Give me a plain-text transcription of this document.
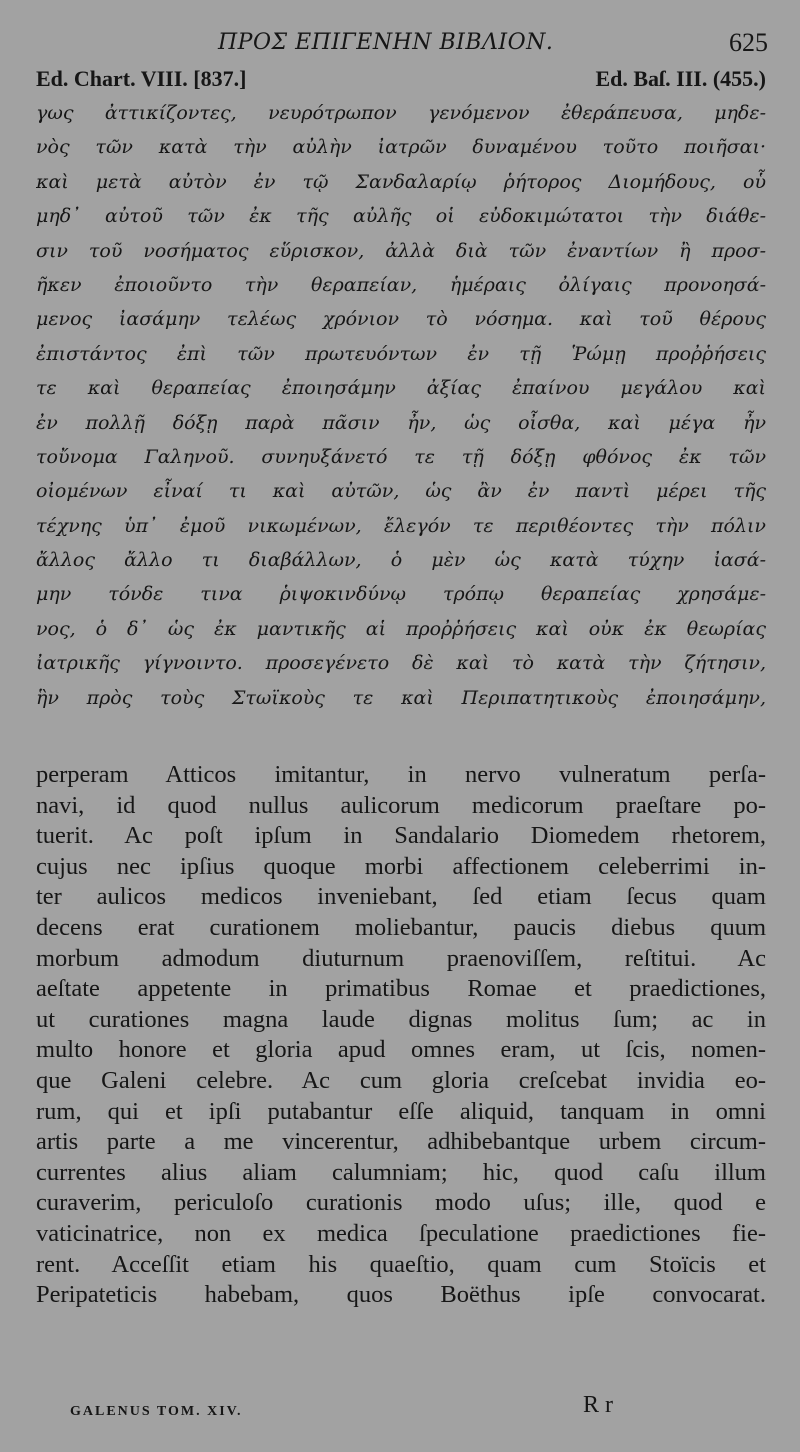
ΠΡΟΣ ΕΠΙΓΕΝΗΝ ΒΙΒΛΙΟΝ.	625
Ed. Chart. VIII. [837.]	Ed. Baſ. III. (455.)
γως ἀττικίζοντες, νευρότρωπον γενόμενον ἐθεράπευσα, μηδε-
νὸς τῶν κατὰ τὴν αὐλὴν ἰατρῶν δυναμένου τοῦτο ποιῆσαι·
καὶ μετὰ αὐτὸν ἐν τῷ Σανδαλαρίῳ ῥήτορος Διομήδους, οὗ
μηδ᾽ αὐτοῦ τῶν ἐκ τῆς αὐλῆς οἱ εὐδοκιμώτατοι τὴν διάθε-
σιν τοῦ νοσήματος εὕρισκον, ἀλλὰ διὰ τῶν ἐναντίων ἢ προσ-
ῆκεν ἐποιοῦντο τὴν θεραπείαν, ἡμέραις ὀλίγαις προνοησά-
μενος ἰασάμην τελέως χρόνιον τὸ νόσημα. καὶ τοῦ θέρους
ἐπιστάντος ἐπὶ τῶν πρωτευόντων ἐν τῇ Ῥώμῃ προῤῥήσεις
τε καὶ θεραπείας ἐποιησάμην ἀξίας ἐπαίνου μεγάλου καὶ
ἐν πολλῇ δόξῃ παρὰ πᾶσιν ἦν, ὡς οἶσθα, καὶ μέγα ἦν
τοὔνομα Γαληνοῦ. συνηυξάνετό τε τῇ δόξῃ φθόνος ἐκ τῶν
οἰομένων εἶναί τι καὶ αὐτῶν, ὡς ἂν ἐν παντὶ μέρει τῆς
τέχνης ὑπ᾽ ἐμοῦ νικωμένων, ἔλεγόν τε περιθέοντες τὴν πόλιν
ἄλλος ἄλλο τι διαβάλλων, ὁ μὲν ὡς κατὰ τύχην ἰασά-
μην τόνδε τινα ῥιψοκινδύνῳ τρόπῳ θεραπείας χρησάμε-
νος, ὁ δ᾽ ὡς ἐκ μαντικῆς αἱ προῤῥήσεις καὶ οὐκ ἐκ θεωρίας
ἰατρικῆς γίγνοιντο. προσεγένετο δὲ καὶ τὸ κατὰ τὴν ζήτησιν,
ἣν πρὸς τοὺς Στωϊκοὺς τε καὶ Περιπατητικοὺς ἐποιησάμην,
perperam Atticos imitantur, in nervo vulneratum perſa-
navi, id quod nullus aulicorum medicorum praeſtare po-
tuerit. Ac poſt ipſum in Sandalario Diomedem rhetorem,
cujus nec ipſius quoque morbi affectionem celeberrimi in-
ter aulicos medicos inveniebant, ſed etiam ſecus quam
decens erat curationem moliebantur, paucis diebus quum
morbum admodum diuturnum praenoviſſem, reſtitui. Ac
aeſtate appetente in primatibus Romae et praedictiones,
ut curationes magna laude dignas molitus ſum; ac in
multo honore et gloria apud omnes eram, ut ſcis, nomen-
que Galeni celebre. Ac cum gloria creſcebat invidia eo-
rum, qui et ipſi putabantur eſſe aliquid, tanquam in omni
artis parte a me vincerentur, adhibebantque urbem circum-
currentes alius aliam calumniam; hic, quod caſu illum
curaverim, periculoſo curationis modo uſus; ille, quod e
vaticinatrice, non ex medica ſpeculatione praedictiones fie-
rent. Acceſſit etiam his quaeſtio, quam cum Stoïcis et
Peripateticis habebam, quos Boëthus ipſe convocarat.
GALENUS TOM. XIV.	R r
